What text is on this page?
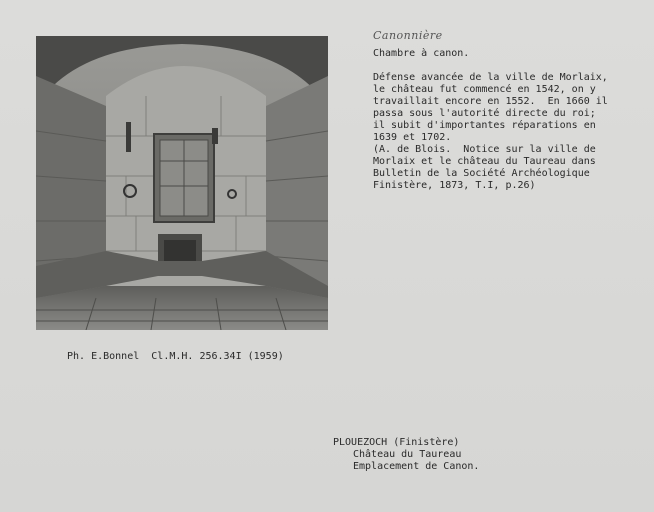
Canonnière
Chambre à canon.
Défense avancée de la ville de Morlaix,
le château fut commencé en 1542, on y
travaillait encore en 1552.  En 1660 il
passa sous l'autorité directe du roi;
il subit d'importantes réparations en
1639 et 1702.
(A. de Blois.  Notice sur la ville de
Morlaix et le château du Taureau dans
Bulletin de la Société Archéologique
Finistère, 1873, T.I, p.26)
Ph. E.Bonnel  Cl.M.H. 256.34I (1959)
PLOUEZOCH (Finistère)
Château du Taureau
Emplacement de Canon.
